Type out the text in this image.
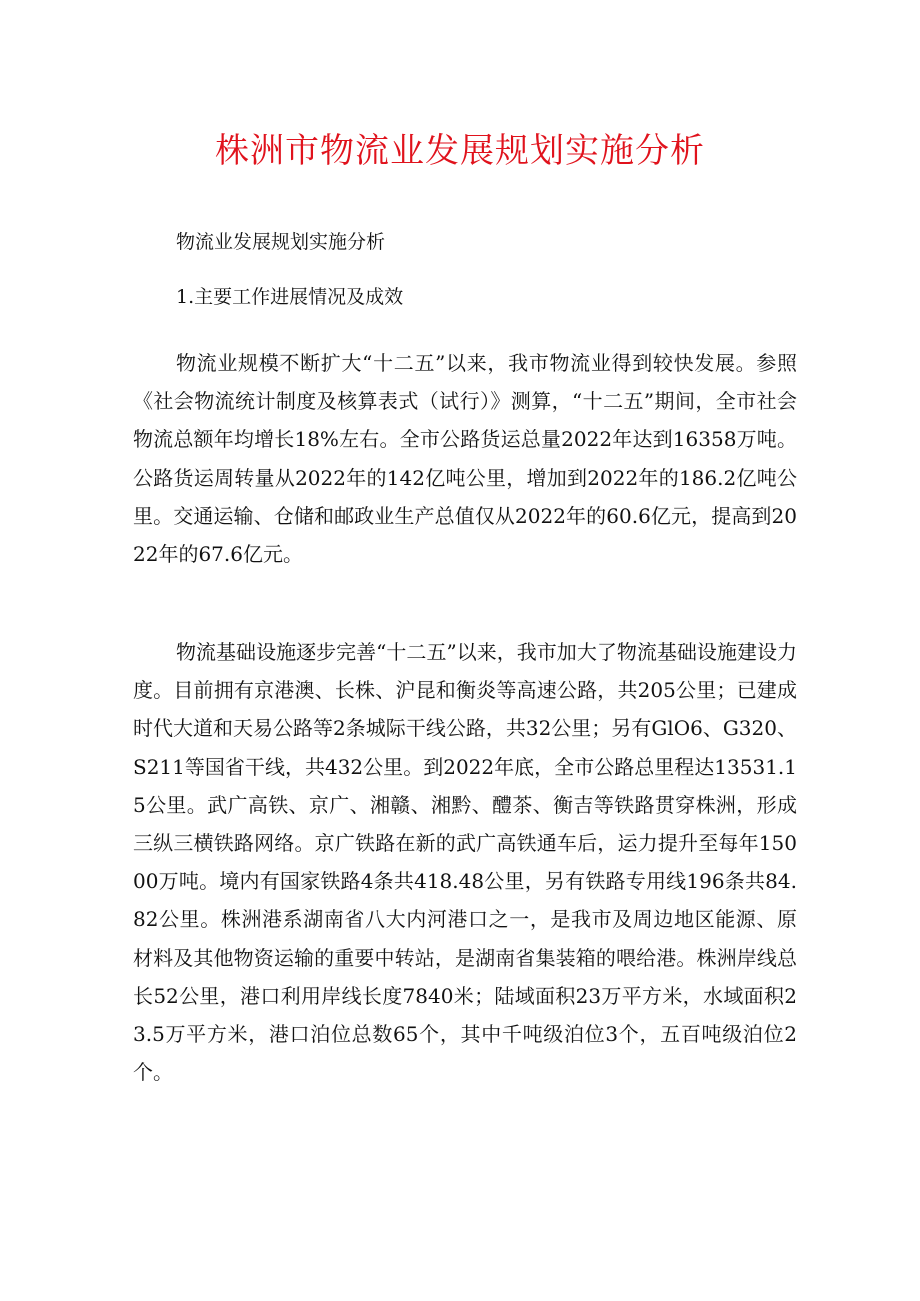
株洲市物流业发展规划实施分析

物流业发展规划实施分析

1.主要工作进展情况及成效

物流业规模不断扩大“十二五”以来，我市物流业得到较快发展。参照《社会物流统计制度及核算表式（试行）》测算，“十二五”期间，全市社会物流总额年均增长18%左右。全市公路货运总量2022年达到16358万吨。公路货运周转量从2022年的142亿吨公里，增加到2022年的186.2亿吨公里。交通运输、仓储和邮政业生产总值仅从2022年的60.6亿元，提高到2022年的67.6亿元。

物流基础设施逐步完善“十二五”以来，我市加大了物流基础设施建设力度。目前拥有京港澳、长株、沪昆和衡炎等高速公路，共205公里；已建成时代大道和天易公路等2条城际干线公路，共32公里；另有GlO6、G320、S211等国省干线，共432公里。到2022年底，全市公路总里程达13531.15公里。武广高铁、京广、湘赣、湘黔、醴茶、衡吉等铁路贯穿株洲，形成三纵三横铁路网络。京广铁路在新的武广高铁通车后，运力提升至每年15000万吨。境内有国家铁路4条共418.48公里，另有铁路专用线196条共84.82公里。株洲港系湖南省八大内河港口之一，是我市及周边地区能源、原材料及其他物资运输的重要中转站，是湖南省集装箱的喂给港。株洲岸线总长52公里，港口利用岸线长度7840米；陆域面积23万平方米，水域面积23.5万平方米，港口泊位总数65个，其中千吨级泊位3个，五百吨级泊位2个。
